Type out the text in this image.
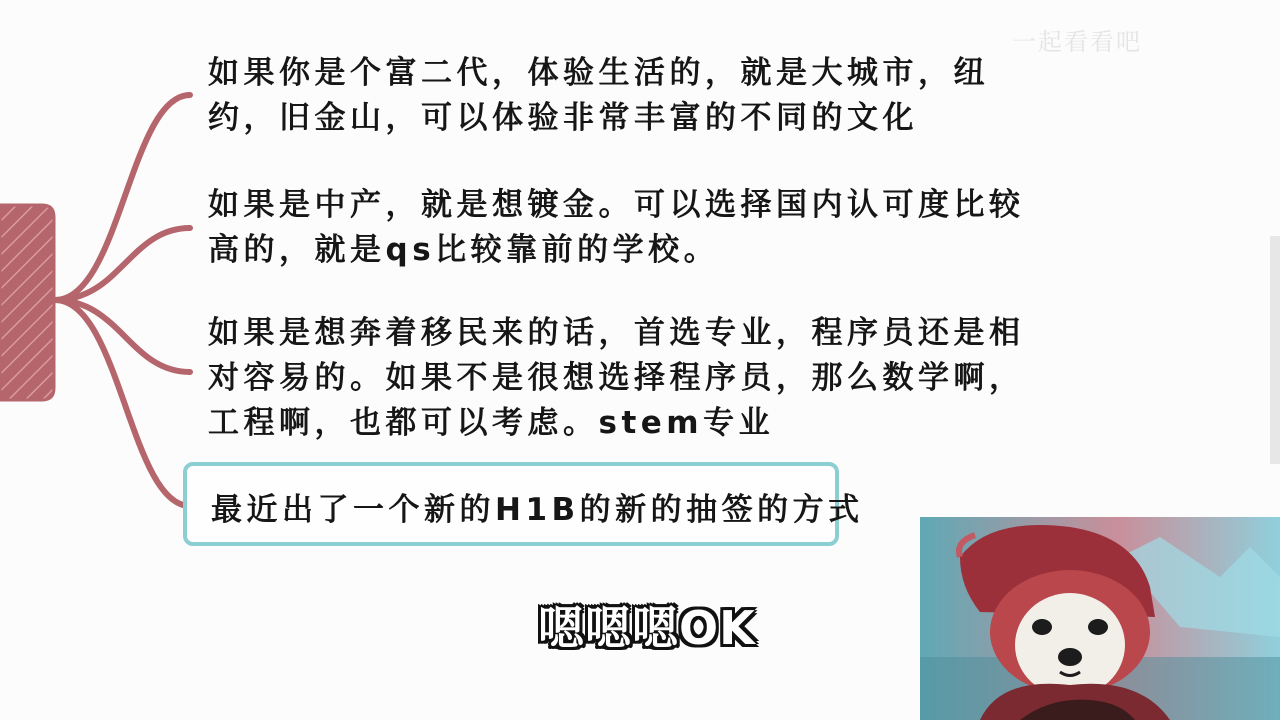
一起看看吧
如果你是个富二代，体验生活的，就是大城市，纽
约，旧金山，可以体验非常丰富的不同的文化
如果是中产，就是想镀金。可以选择国内认可度比较
高的，就是qs比较靠前的学校。
如果是想奔着移民来的话，首选专业，程序员还是相
对容易的。如果不是很想选择程序员，那么数学啊，
工程啊，也都可以考虑。stem专业
最近出了一个新的H1B的新的抽签的方式
嗯嗯嗯OK
